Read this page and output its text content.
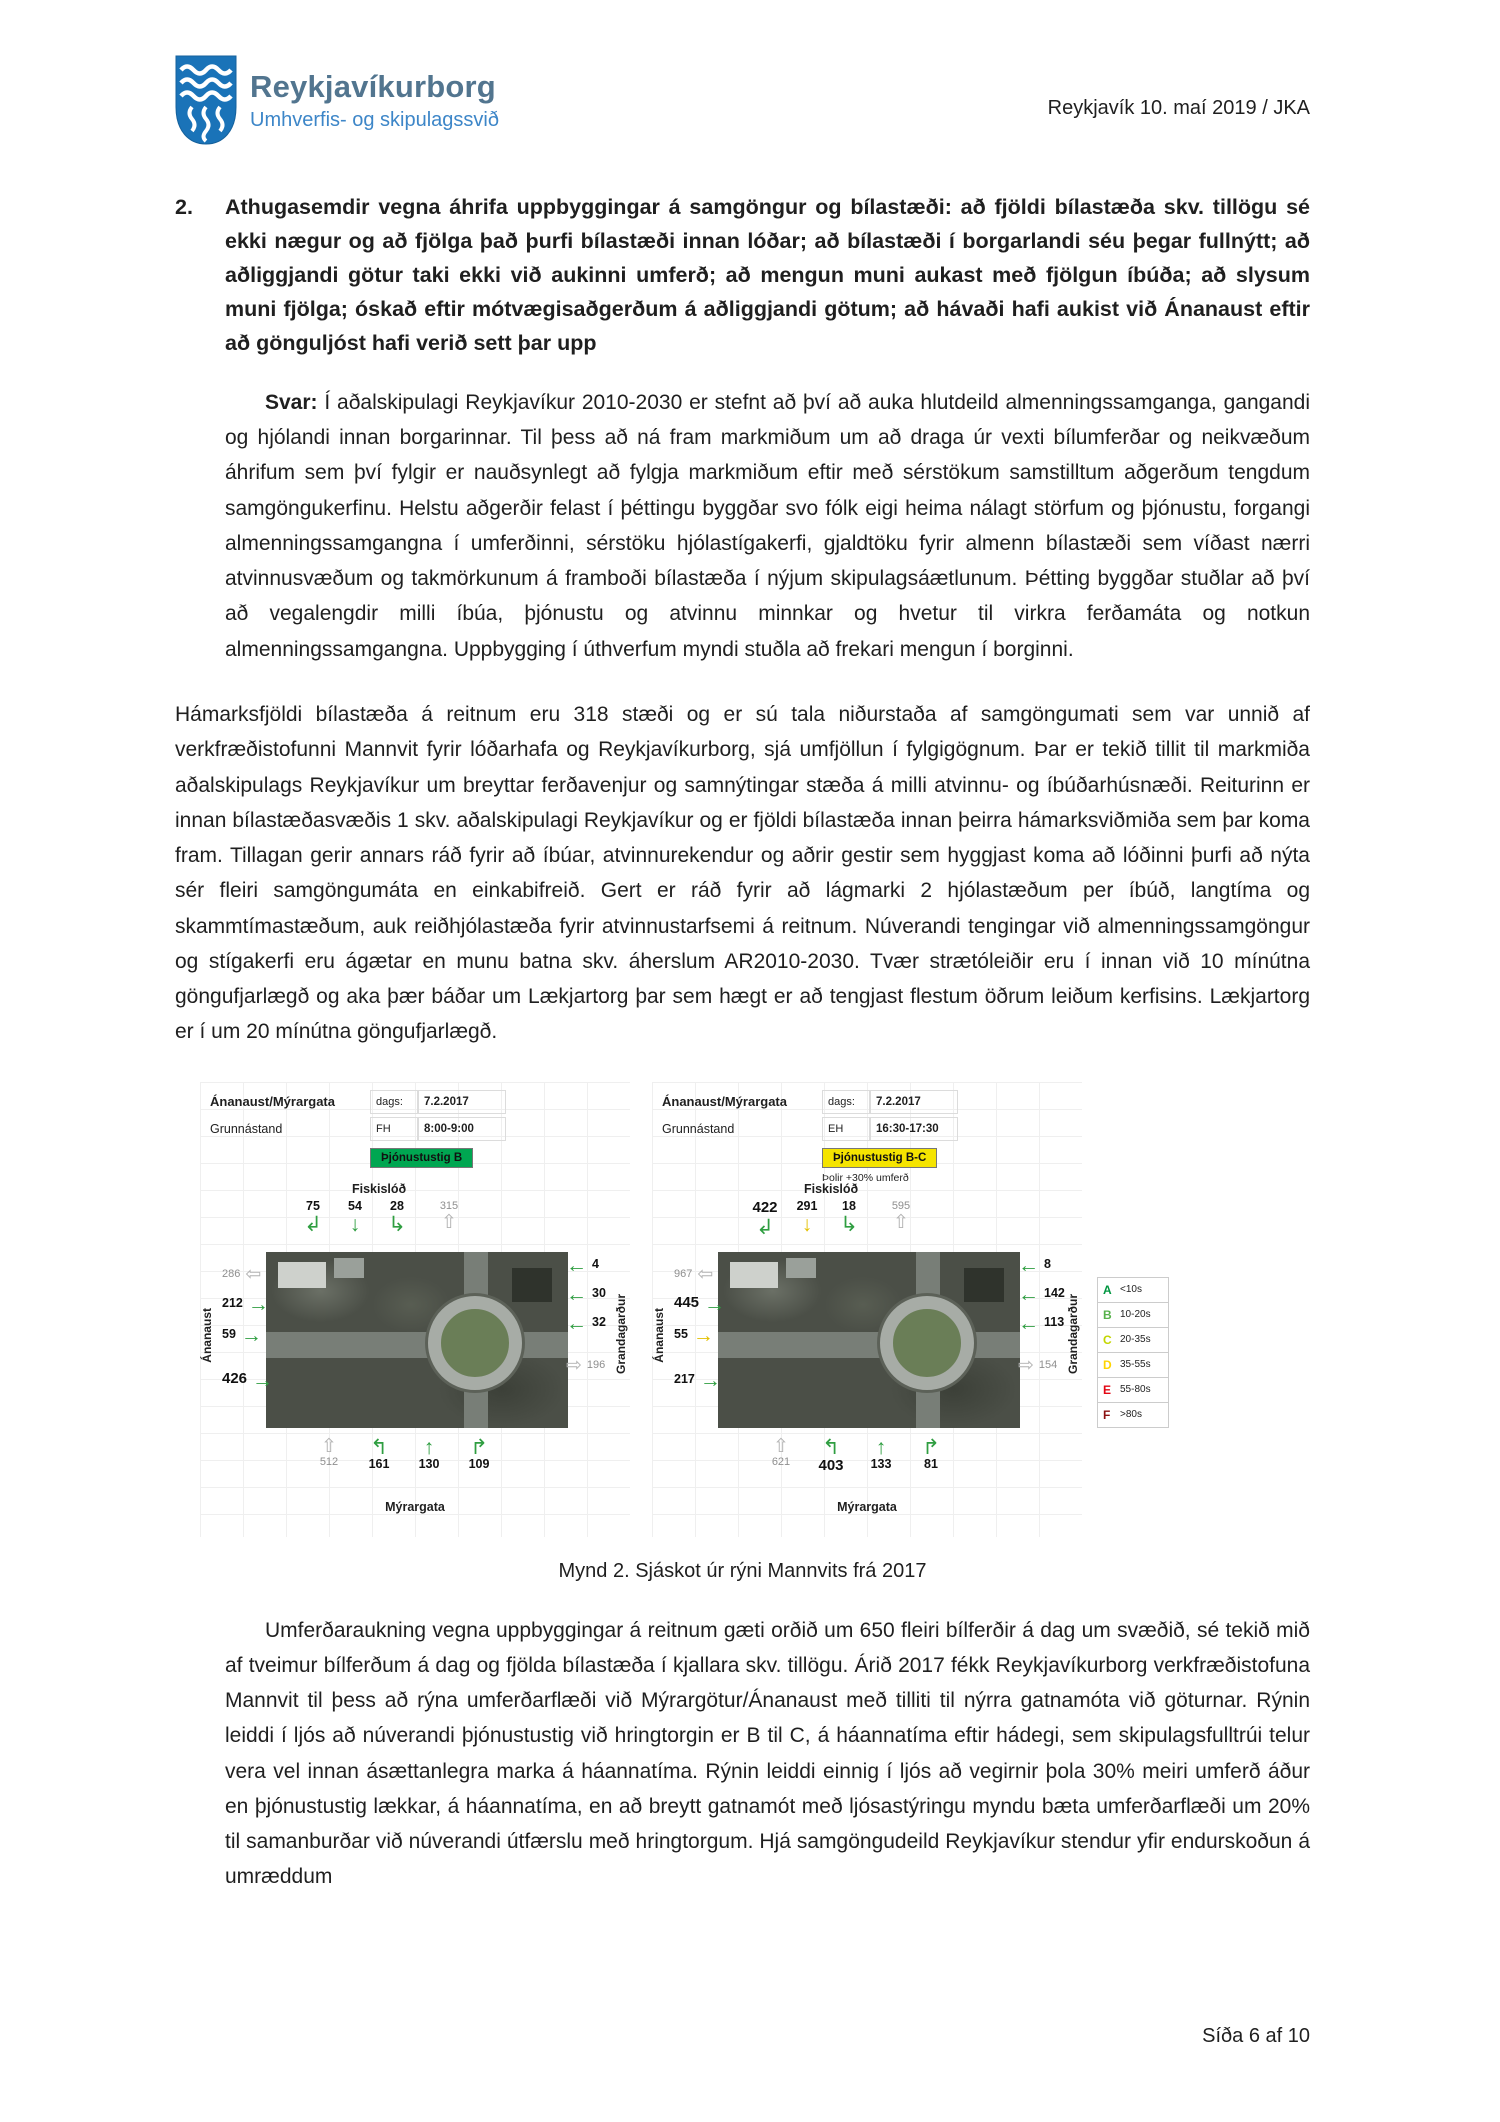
Reykjavíkurborg
Umhverfis- og skipulagssvið
Reykjavík 10. maí 2019 / JKA
2.	Athugasemdir vegna áhrifa uppbyggingar á samgöngur og bílastæði: að fjöldi bílastæða skv. tillögu sé ekki nægur og að fjölga það þurfi bílastæði innan lóðar; að bílastæði í borgarlandi séu þegar fullnýtt; að aðliggjandi götur taki ekki við aukinni umferð; að mengun muni aukast með fjölgun íbúða; að slysum muni fjölga; óskað eftir mótvægisaðgerðum á aðliggjandi götum; að hávaði hafi aukist við Ánanaust eftir að gönguljóst hafi verið sett þar upp

Svar: Í aðalskipulagi Reykjavíkur 2010-2030 er stefnt að því að auka hlutdeild almenningssamganga, gangandi og hjólandi innan borgarinnar. Til þess að ná fram markmiðum um að draga úr vexti bílumferðar og neikvæðum áhrifum sem því fylgir er nauðsynlegt að fylgja markmiðum eftir með sérstökum samstilltum aðgerðum tengdum samgöngukerfinu. Helstu aðgerðir felast í þéttingu byggðar svo fólk eigi heima nálagt störfum og þjónustu, forgangi almenningssamgangna í umferðinni, sérstöku hjólastígakerfi, gjaldtöku fyrir almenn bílastæði sem víðast nærri atvinnusvæðum og takmörkunum á framboði bílastæða í nýjum skipulagsáætlunum. Þétting byggðar stuðlar að því að vegalengdir milli íbúa, þjónustu og atvinnu minnkar og hvetur til virkra ferðamáta og notkun almenningssamgangna. Uppbygging í úthverfum myndi stuðla að frekari mengun í borginni.

Hámarksfjöldi bílastæða á reitnum eru 318 stæði og er sú tala niðurstaða af samgöngumati sem var unnið af verkfræðistofunni Mannvit fyrir lóðarhafa og Reykjavíkurborg, sjá umfjöllun í fylgigögnum. Þar er tekið tillit til markmiða aðalskipulags Reykjavíkur um breyttar ferðavenjur og samnýtingar stæða á milli atvinnu- og íbúðarhúsnæði. Reiturinn er innan bílastæðasvæðis 1 skv. aðalskipulagi Reykjavíkur og er fjöldi bílastæða innan þeirra hámarksviðmiða sem þar koma fram. Tillagan gerir annars ráð fyrir að íbúar, atvinnurekendur og aðrir gestir sem hyggjast koma að lóðinni þurfi að nýta sér fleiri samgöngumáta en einkabifreið. Gert er ráð fyrir að lágmarki 2 hjólastæðum per íbúð, langtíma og skammtímastæðum, auk reiðhjólastæða fyrir atvinnustarfsemi á reitnum. Núverandi tengingar við almenningssamgöngur og stígakerfi eru ágætar en munu batna skv. áherslum AR2010-2030. Tvær strætóleiðir eru í innan við 10 mínútna göngufjarlægð og aka þær báðar um Lækjartorg þar sem hægt er að tengjast flestum öðrum leiðum kerfisins. Lækjartorg er í um 20 mínútna göngufjarlægð.

Ánanaust/Mýrargata	dags:	7.2.2017
Grunnástand	FH	8:00-9:00
Þjónustustig B
Fiskislóð
75
↲
54
↓
28
↳
315
⇧
Ánanaust
286 ⇦
212 →
59 →
426 →
← 4
← 30
← 32
⇨ 196 Grandagarður
⇧
512
↰
161
↑
130
↱
109
Mýrargata
Ánanaust/Mýrargata	dags:	7.2.2017
Grunnástand	EH	16:30-17:30
Þjónustustig B-C
Þolir +30% umferð
Fiskislóð
422
↲
291
↓
18
↳
595
⇧
Ánanaust
967 ⇦
445 →
55 →
217 →
← 8
← 142
← 113
⇨ 154 Grandagarður
⇧
621
↰
403
↑
133
↱
81
Mýrargata
A <10s
B 10-20s
C 20-35s
D 35-55s
E 55-80s
F >80s
Mynd 2. Sjáskot úr rýni Mannvits frá 2017

Umferðaraukning vegna uppbyggingar á reitnum gæti orðið um 650 fleiri bílferðir á dag um svæðið, sé tekið mið af tveimur bílferðum á dag og fjölda bílastæða í kjallara skv. tillögu. Árið 2017 fékk Reykjavíkurborg verkfræðistofuna Mannvit til þess að rýna umferðarflæði við Mýrargötur/Ánanaust með tilliti til nýrra gatnamóta við göturnar. Rýnin leiddi í ljós að núverandi þjónustustig við hringtorgin er B til C, á háannatíma eftir hádegi, sem skipulagsfulltrúi telur vera vel innan ásættanlegra marka á háannatíma. Rýnin leiddi einnig í ljós að vegirnir þola 30% meiri umferð áður en þjónustustig lækkar, á háannatíma, en að breytt gatnamót með ljósastýringu myndu bæta umferðarflæði um 20% til samanburðar við núverandi útfærslu með hringtorgum. Hjá samgöngudeild Reykjavíkur stendur yfir endurskoðun á umræddum

Síða 6 af 10
